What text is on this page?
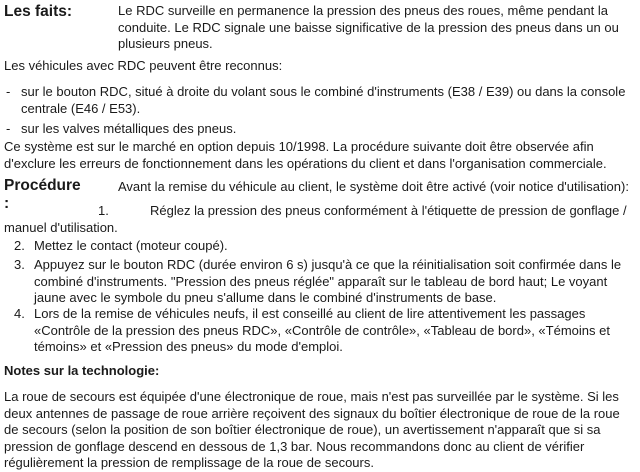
Les faits:	Le RDC surveille en permanence la pression des pneus des roues, même pendant la conduite. Le RDC signale une baisse significative de la pression des pneus dans un ou plusieurs pneus.

Les véhicules avec RDC peuvent être reconnus:

- sur le bouton RDC, situé à droite du volant sous le combiné d'instruments (E38 / E39) ou dans la console centrale (E46 / E53).

- sur les valves métalliques des pneus.

Ce système est sur le marché en option depuis 10/1998. La procédure suivante doit être observée afin d'exclure les erreurs de fonctionnement dans les opérations du client et dans l'organisation commerciale.

Procédure :

Avant la remise du véhicule au client, le système doit être activé (voir notice d'utilisation):

1.	Réglez la pression des pneus conformément à l'étiquette de pression de gonflage / manuel d'utilisation.

2. Mettez le contact (moteur coupé).

3. Appuyez sur le bouton RDC (durée environ 6 s) jusqu'à ce que la réinitialisation soit confirmée dans le combiné d'instruments. "Pression des pneus réglée" apparaît sur le tableau de bord haut; Le voyant jaune avec le symbole du pneu s'allume dans le combiné d'instruments de base.

4. Lors de la remise de véhicules neufs, il est conseillé au client de lire attentivement les passages «Contrôle de la pression des pneus RDC», «Contrôle de contrôle», «Tableau de bord», «Témoins et témoins» et «Pression des pneus» du mode d'emploi.

Notes sur la technologie:

La roue de secours est équipée d'une électronique de roue, mais n'est pas surveillée par le système. Si les deux antennes de passage de roue arrière reçoivent des signaux du boîtier électronique de roue de la roue de secours (selon la position de son boîtier électronique de roue), un avertissement n'apparaît que si sa pression de gonflage descend en dessous de 1,3 bar. Nous recommandons donc au client de vérifier régulièrement la pression de remplissage de la roue de secours.
